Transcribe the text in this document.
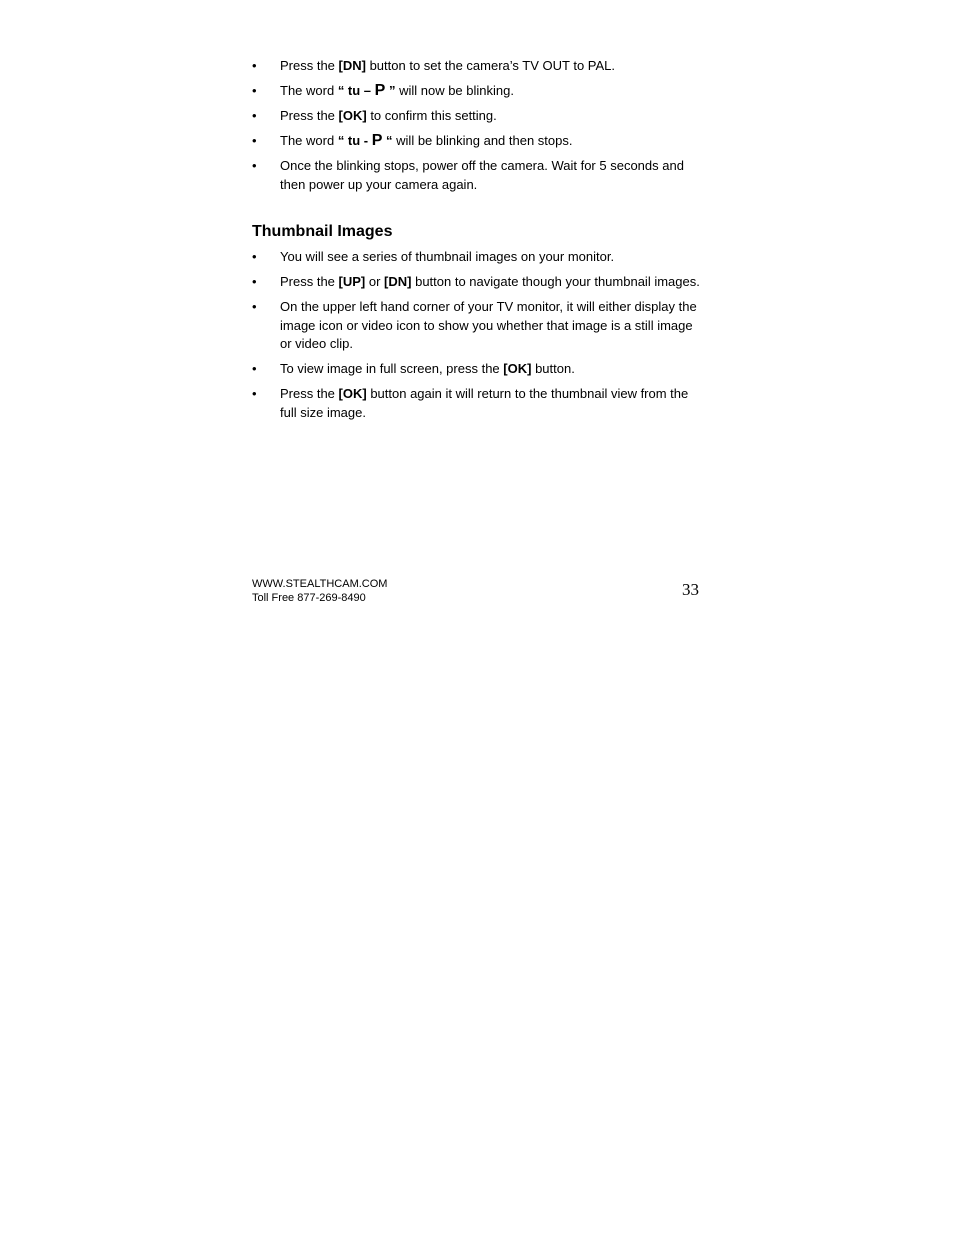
• Press the [DN] button to set the camera’s TV OUT to PAL.
• The word “ tu – P ” will now be blinking.
• Press the [OK] to confirm this setting.
• The word “ tu - P “ will be blinking and then stops.
• Once the blinking stops, power off the camera. Wait for 5 seconds and then power up your camera again.
Thumbnail Images
• You will see a series of thumbnail images on your monitor.
• Press the [UP] or [DN] button to navigate though your thumbnail images.
• On the upper left hand corner of your TV monitor, it will either display the image icon or video icon to show you whether that image is a still image or video clip.
• To view image in full screen, press the [OK] button.
• Press the [OK] button again it will return to the thumbnail view from the full size image.
WWW.STEALTHCAM.COM
Toll Free 877-269-8490	33
